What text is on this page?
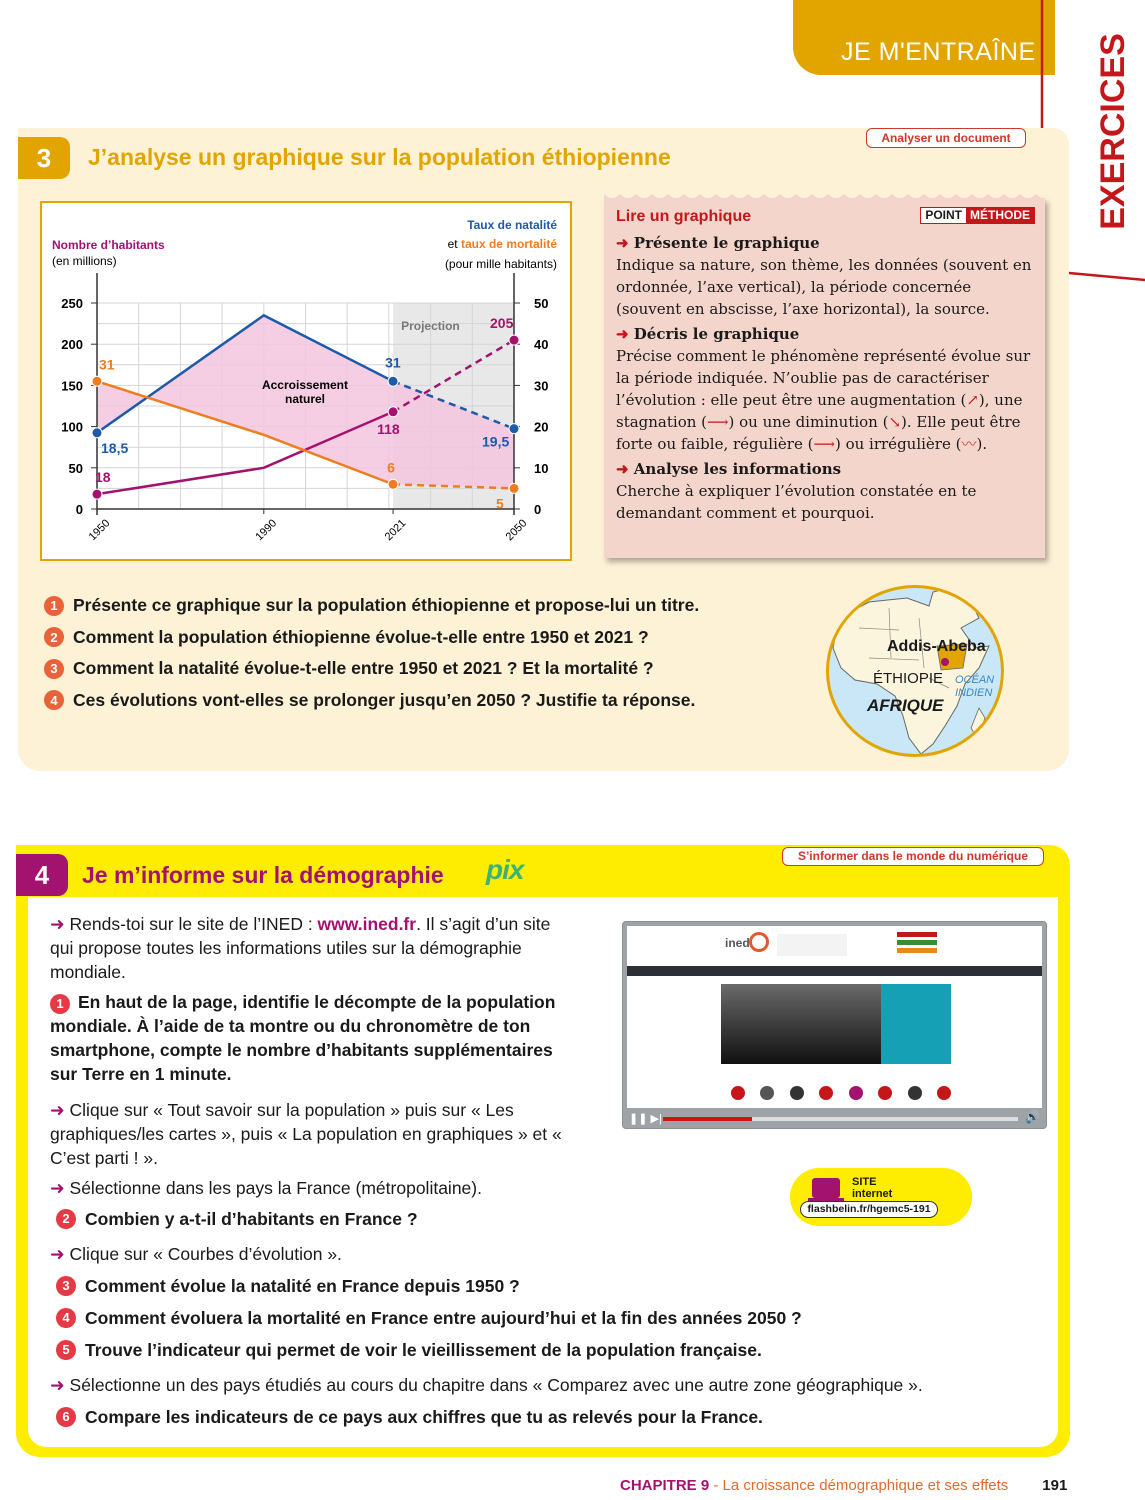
JE M'ENTRAÎNE EXERCICES
3	J’analyse un graphique sur la population éthiopienne
Analyser un document
0
50
100
150
200
250
0
10
20
30
40
50
1950	1990	2021	2050
Nombre d’habitants
(en millions)
Taux de natalité
et taux de mortalité
(pour mille habitants)
Projection
Accroissement
naturel
18
118
205
18,5
31
19,5
31
6
5
POINT MÉTHODE
Lire un graphique
➜ Présente le graphique

Indique sa nature, son thème, les données (souvent en ordonnée, l’axe vertical), la période concernée (souvent en abscisse, l’axe horizontal), la source.

➜ Décris le graphique

Précise comment le phénomène représenté évolue sur la période indiquée. N’oublie pas de caractériser l’évolution : elle peut être une augmentation (↗), une stagnation (⟶) ou une diminution (↘). Elle peut être forte ou faible, régulière (⟶) ou irrégulière (〰).

➜ Analyse les informations

Cherche à expliquer l’évolution constatée en te demandant comment et pourquoi.

1 Présente ce graphique sur la population éthiopienne et propose-lui un titre.
2 Comment la population éthiopienne évolue-t-elle entre 1950 et 2021 ?
3 Comment la natalité évolue-t-elle entre 1950 et 2021 ? Et la mortalité ?
4 Ces évolutions vont-elles se prolonger jusqu’en 2050 ? Justifie ta réponse.
Addis-Abeba
ÉTHIOPIE OCÉAN INDIEN
AFRIQUE
4	Je m’informe sur la démographie pix	S’informer dans le monde du numérique
➜ Rends-toi sur le site de l’INED : www.ined.fr. Il s’agit d’un site qui propose toutes les informations utiles sur la démographie mondiale.
1 En haut de la page, identifie le décompte de la population mondiale. À l’aide de ta montre ou du chronomètre de ton smartphone, compte le nombre d’habitants supplémentaires sur Terre en 1 minute.
➜ Clique sur « Tout savoir sur la population » puis sur « Les graphiques/les cartes », puis « La population en graphiques » et « C’est parti ! ».
➜ Sélectionne dans les pays la France (métropolitaine).
2 Combien y a-t-il d’habitants en France ?
➜ Clique sur « Courbes d’évolution ».
3 Comment évolue la natalité en France depuis 1950 ?
4 Comment évoluera la mortalité en France entre aujourd’hui et la fin des années 2050 ?
5 Trouve l’indicateur qui permet de voir le vieillissement de la population française.
➜ Sélectionne un des pays étudiés au cours du chapitre dans « Comparez avec une autre zone géographique ».
6 Compare les indicateurs de ce pays aux chiffres que tu as relevés pour la France.
ined
❚❚ ▶|	🔊
SITE
internet
flashbelin.fr/hgemc5-191
CHAPITRE 9 - La croissance démographique et ses effets 191
